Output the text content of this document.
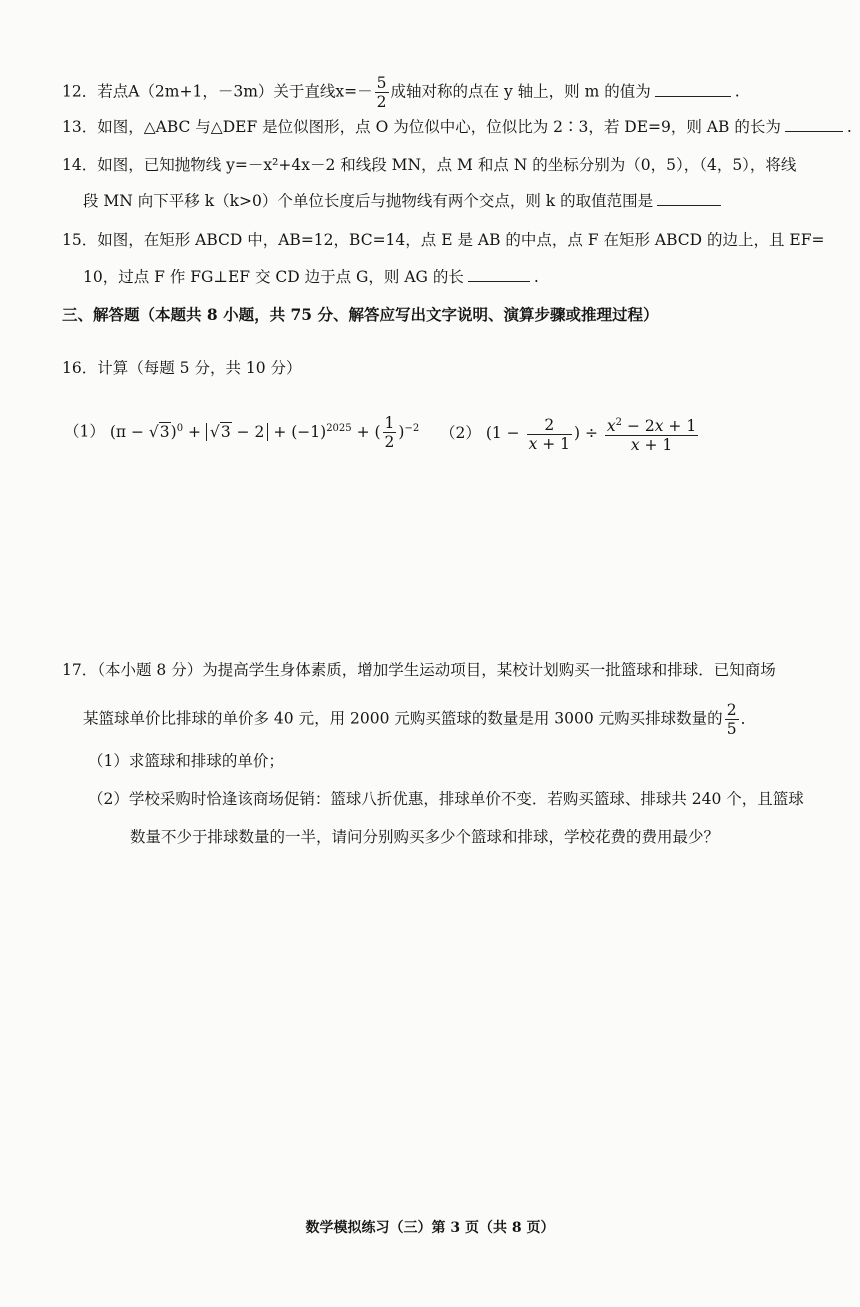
12．若点A（2m+1，－3m）关于直线$x=- \frac{5}{2}$ 成轴对称的点在 y 轴上，则 m 的值为	.
13．如图，△ABC 与△DEF 是位似图形，点 O 为位似中心，位似比为 2∶3，若 DE=9，则 AB 的长为	.
14．如图，已知抛物线 y=－x²+4x－2 和线段 MN，点 M 和点 N 的坐标分别为（0，5），（4，5），将线
段 MN 向下平移 k（k>0）个单位长度后与抛物线有两个交点，则 k 的取值范围是
15．如图，在矩形 ABCD 中，AB=12，BC=14，点 E 是 AB 的中点，点 F 在矩形 ABCD 的边上，且 EF=
10，过点 F 作 FG⊥EF 交 CD 边于点 G，则 AG 的长	.
三、解答题（本题共 8 小题，共 75 分、解答应写出文字说明、演算步骤或推理过程）
16．计算（每题 5 分，共 10 分）
（1） $(\pi - √3)^0 + √3 - 2 + (-1)^{2025}$ + ( $\frac{1}{2} )^{-2}$ （2） ($1 - \frac{2}{x + 1}$ ) ÷ $\frac{x^2 - 2x + 1}{x + 1}$
17．（本小题 8 分）为提高学生身体素质，增加学生运动项目，某校计划购买一批篮球和排球．已知商场
某篮球单价比排球的单价多 40 元，用 2000 元购买篮球的数量是用 3000 元购买排球数量的 $\frac{2}{5}$ ．
（1）求篮球和排球的单价；
（2）学校采购时恰逢该商场促销：篮球八折优惠，排球单价不变．若购买篮球、排球共 240 个，且篮球
数量不少于排球数量的一半，请问分别购买多少个篮球和排球，学校花费的费用最少？
数学模拟练习（三）第 3 页（共 8 页）
